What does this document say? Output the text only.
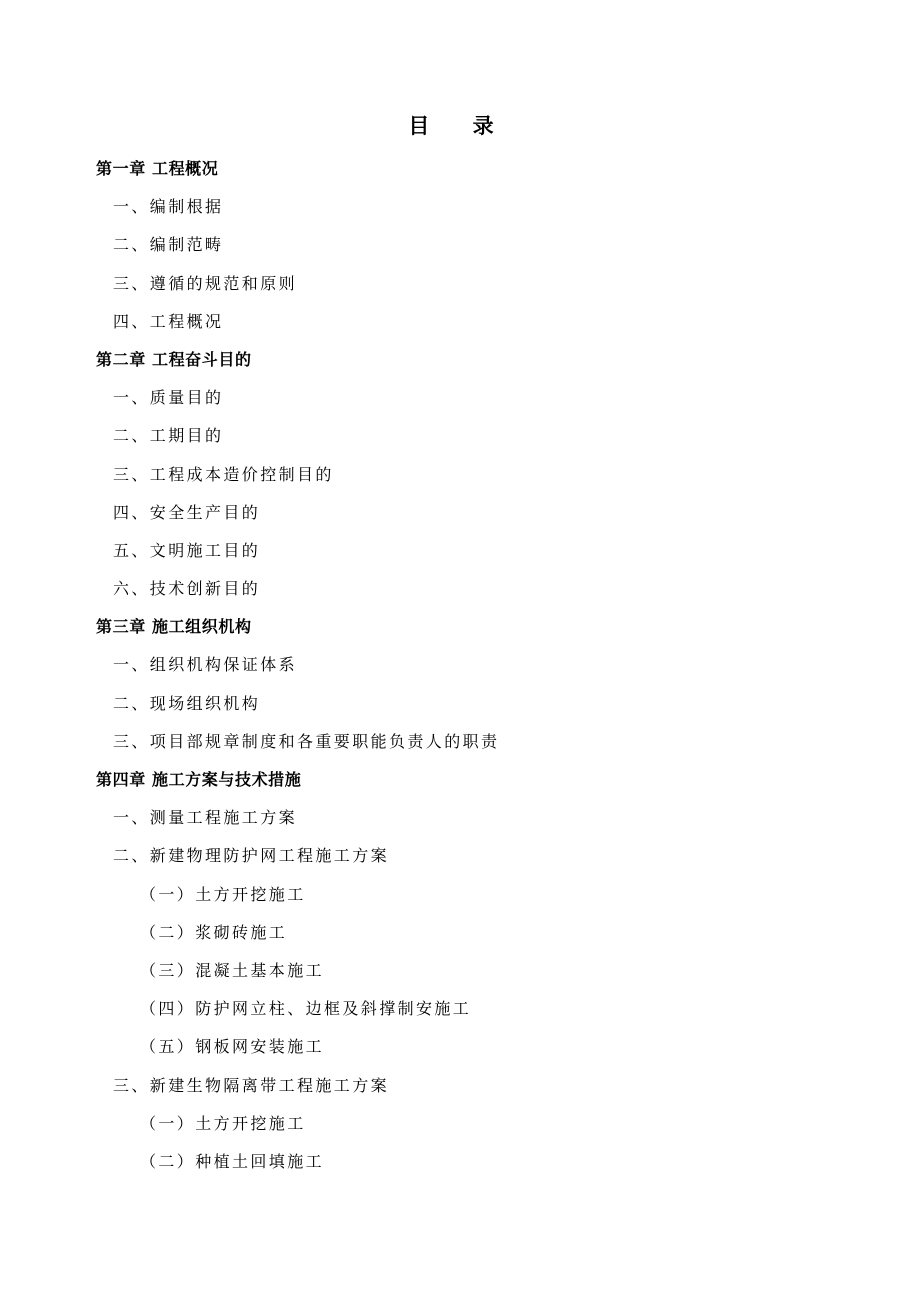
目 录
第一章 工程概况
一、编制根据
二、编制范畴
三、遵循的规范和原则
四、工程概况
第二章 工程奋斗目的
一、质量目的
二、工期目的
三、工程成本造价控制目的
四、安全生产目的
五、文明施工目的
六、技术创新目的
第三章 施工组织机构
一、组织机构保证体系
二、现场组织机构
三、项目部规章制度和各重要职能负责人的职责
第四章 施工方案与技术措施
一、测量工程施工方案
二、新建物理防护网工程施工方案
（一）土方开挖施工
（二）浆砌砖施工
（三）混凝土基本施工
（四）防护网立柱、边框及斜撑制安施工
（五）钢板网安装施工
三、新建生物隔离带工程施工方案
（一）土方开挖施工
（二）种植土回填施工
